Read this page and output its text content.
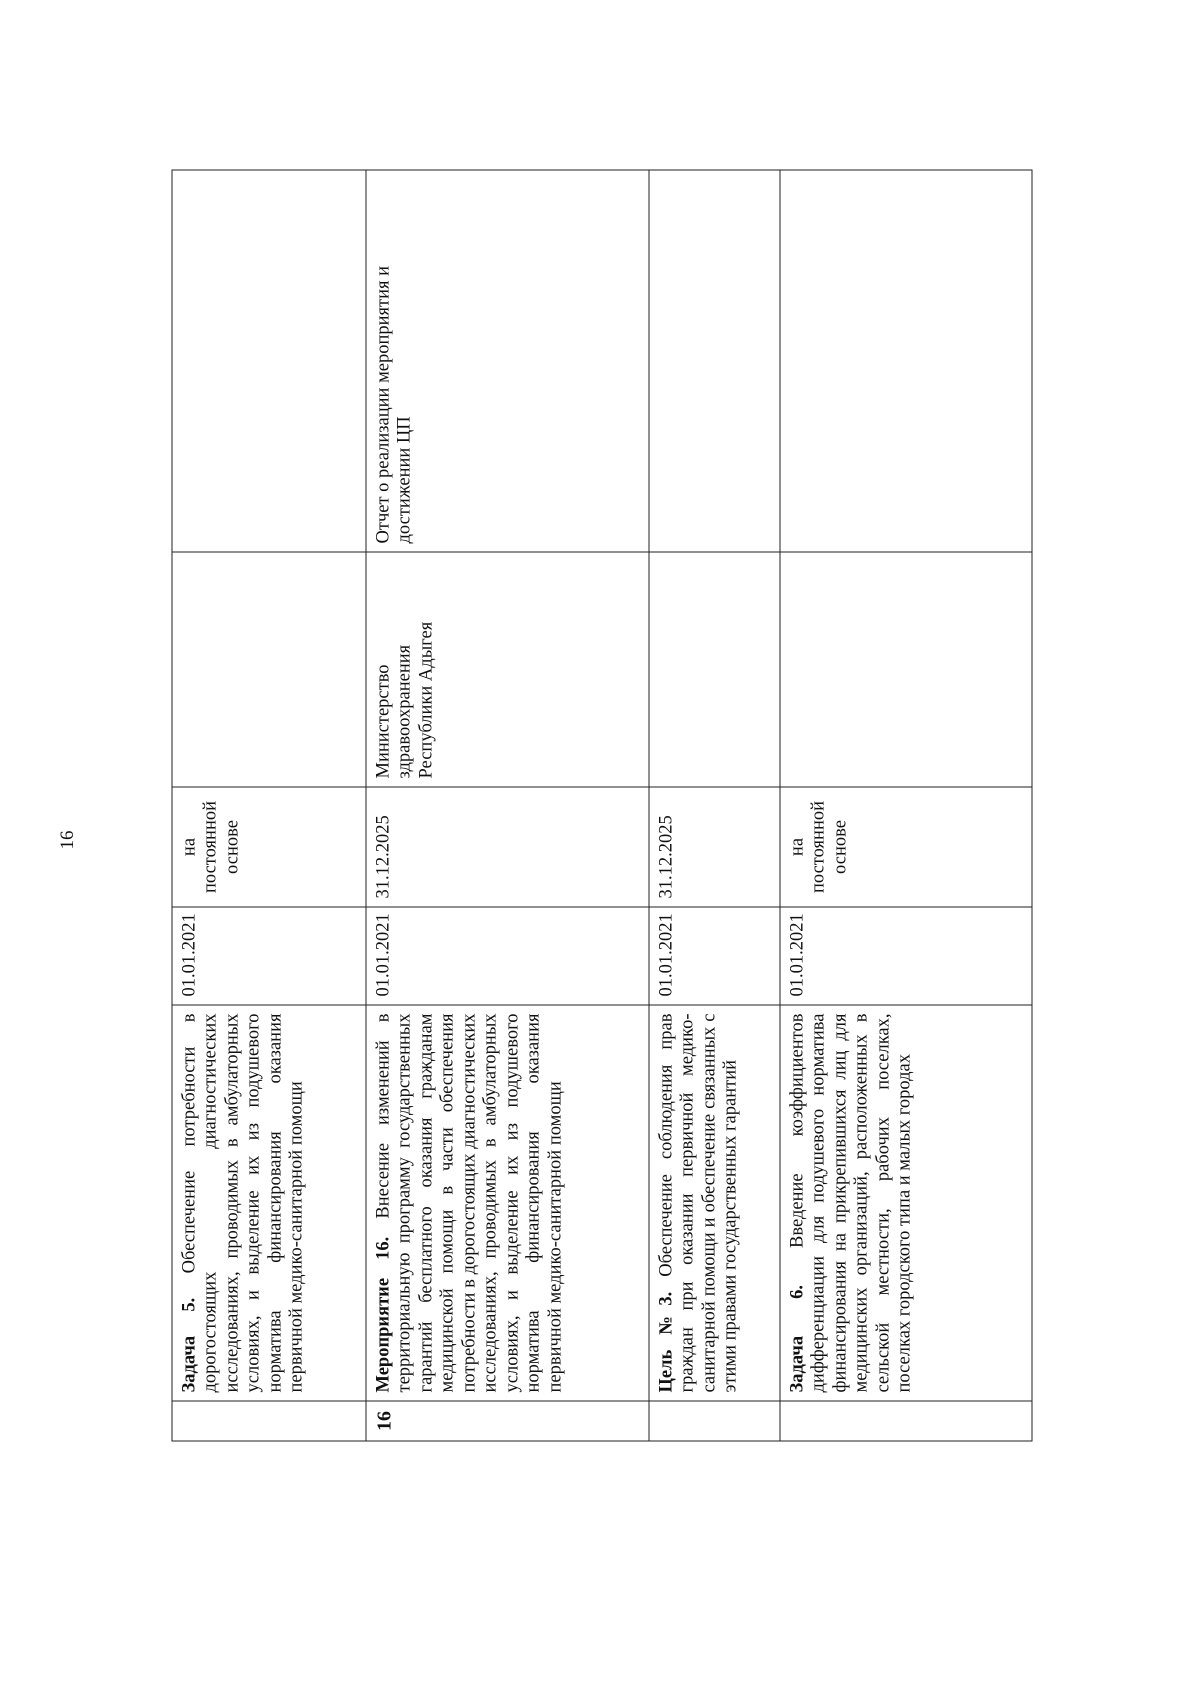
16
	Задача 5. Обеспечение потребности в дорогостоящих диагностических исследованиях, проводимых в амбулаторных условиях, и выделение их из подушевого норматива финансирования оказания первичной медико-санитарной помощи	01.01.2021	на постоянной основе		
16	Мероприятие 16. Внесение изменений в территориальную программу государственных гарантий бесплатного оказания гражданам медицинской помощи в части обеспечения потребности в дорогостоящих диагностических исследованиях, проводимых в амбулаторных условиях, и выделение их из подушевого норматива финансирования оказания первичной медико-санитарной помощи	01.01.2021	31.12.2025	Министерство здравоохранения Республики Адыгея	Отчет о реализации мероприятия и достижении ЦП
	Цель №3. Обеспечение соблюдения прав граждан при оказании первичной медико-санитарной помощи и обеспечение связанных с этими правами государственных гарантий	01.01.2021	31.12.2025		
	Задача 6. Введение коэффициентов дифференциации для подушевого норматива финансирования на прикрепившихся лиц для медицинских организаций, расположенных в сельской местности, рабочих поселках, поселках городского типа и малых городах	01.01.2021	на постоянной основе		
